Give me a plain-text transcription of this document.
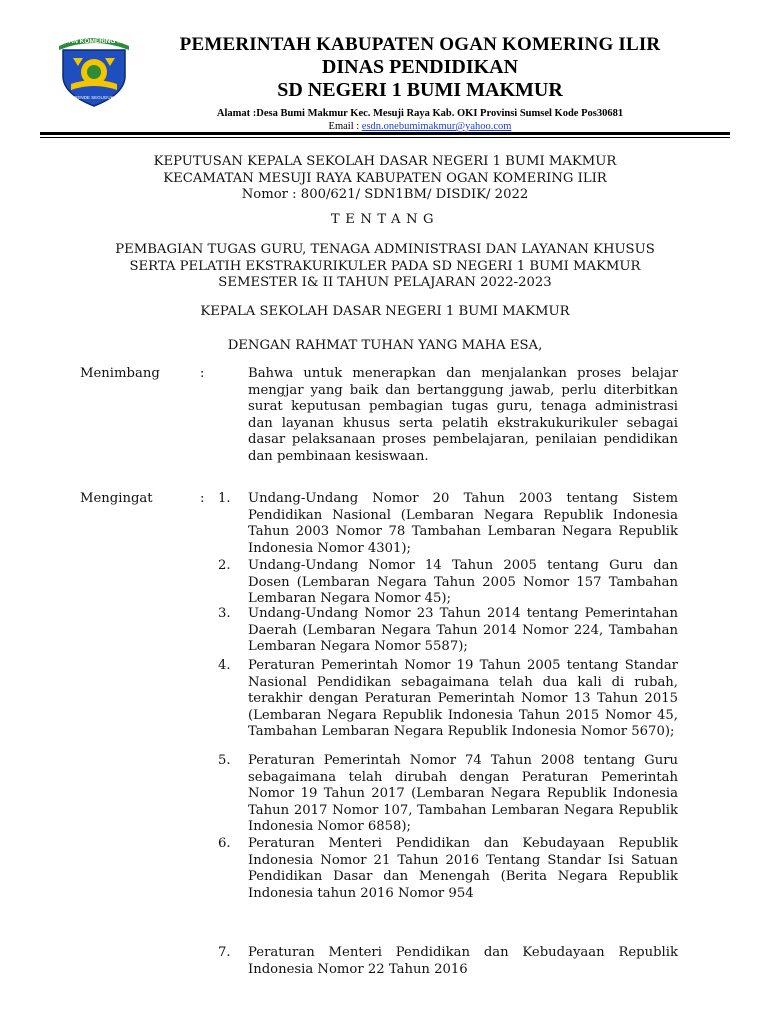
OGAN KOMERING ILIR
BENDE SEGUGUK
PEMERINTAH KABUPATEN OGAN KOMERING ILIR
DINAS PENDIDIKAN
SD NEGERI 1 BUMI MAKMUR
Alamat :Desa Bumi Makmur Kec. Mesuji Raya Kab. OKI Provinsi Sumsel Kode Pos30681
Email : esdn.onebumimakmur@yahoo.com
KEPUTUSAN KEPALA SEKOLAH DASAR NEGERI 1 BUMI MAKMUR
KECAMATAN MESUJI RAYA KABUPATEN OGAN KOMERING ILIR
Nomor : 800/621/ SDN1BM/ DISDIK/ 2022
TENTANG
PEMBAGIAN TUGAS GURU, TENAGA ADMINISTRASI DAN LAYANAN KHUSUS
SERTA PELATIH EKSTRAKURIKULER PADA SD NEGERI 1 BUMI MAKMUR
SEMESTER I& II TAHUN PELAJARAN 2022-2023
KEPALA SEKOLAH DASAR NEGERI 1 BUMI MAKMUR
DENGAN RAHMAT TUHAN YANG MAHA ESA,
Menimbang	:	Bahwa untuk menerapkan dan menjalankan proses belajar mengjar yang baik dan bertanggung jawab, perlu diterbitkan surat keputusan pembagian tugas guru, tenaga administrasi dan layanan khusus serta pelatih ekstrakukurikuler sebagai dasar pelaksanaan proses pembelajaran, penilaian pendidikan dan pembinaan kesiswaan.
Mengingat	: 1. Undang-Undang Nomor 20 Tahun 2003 tentang Sistem Pendidikan Nasional (Lembaran Negara Republik Indonesia Tahun 2003 Nomor 78 Tambahan Lembaran Negara Republik Indonesia Nomor 4301);
2. Undang-Undang Nomor 14 Tahun 2005 tentang Guru dan Dosen (Lembaran Negara Tahun 2005 Nomor 157 Tambahan Lembaran Negara Nomor 45);
3. Undang-Undang Nomor 23 Tahun 2014 tentang Pemerintahan Daerah (Lembaran Negara Tahun 2014 Nomor 224, Tambahan Lembaran Negara Nomor 5587);
4. Peraturan Pemerintah Nomor 19 Tahun 2005 tentang Standar Nasional Pendidikan sebagaimana telah dua kali di rubah, terakhir dengan Peraturan Pemerintah Nomor 13 Tahun 2015 (Lembaran Negara Republik Indonesia Tahun 2015 Nomor 45, Tambahan Lembaran Negara Republik Indonesia Nomor 5670);
5. Peraturan Pemerintah Nomor 74 Tahun 2008 tentang Guru sebagaimana telah dirubah dengan Peraturan Pemerintah Nomor 19 Tahun 2017 (Lembaran Negara Republik Indonesia Tahun 2017 Nomor 107, Tambahan Lembaran Negara Republik Indonesia Nomor 6858);
6. Peraturan Menteri Pendidikan dan Kebudayaan Republik Indonesia Nomor 21 Tahun 2016 Tentang Standar Isi Satuan Pendidikan Dasar dan Menengah (Berita Negara Republik Indonesia tahun 2016 Nomor 954
7. Peraturan Menteri Pendidikan dan Kebudayaan Republik Indonesia Nomor 22 Tahun 2016
